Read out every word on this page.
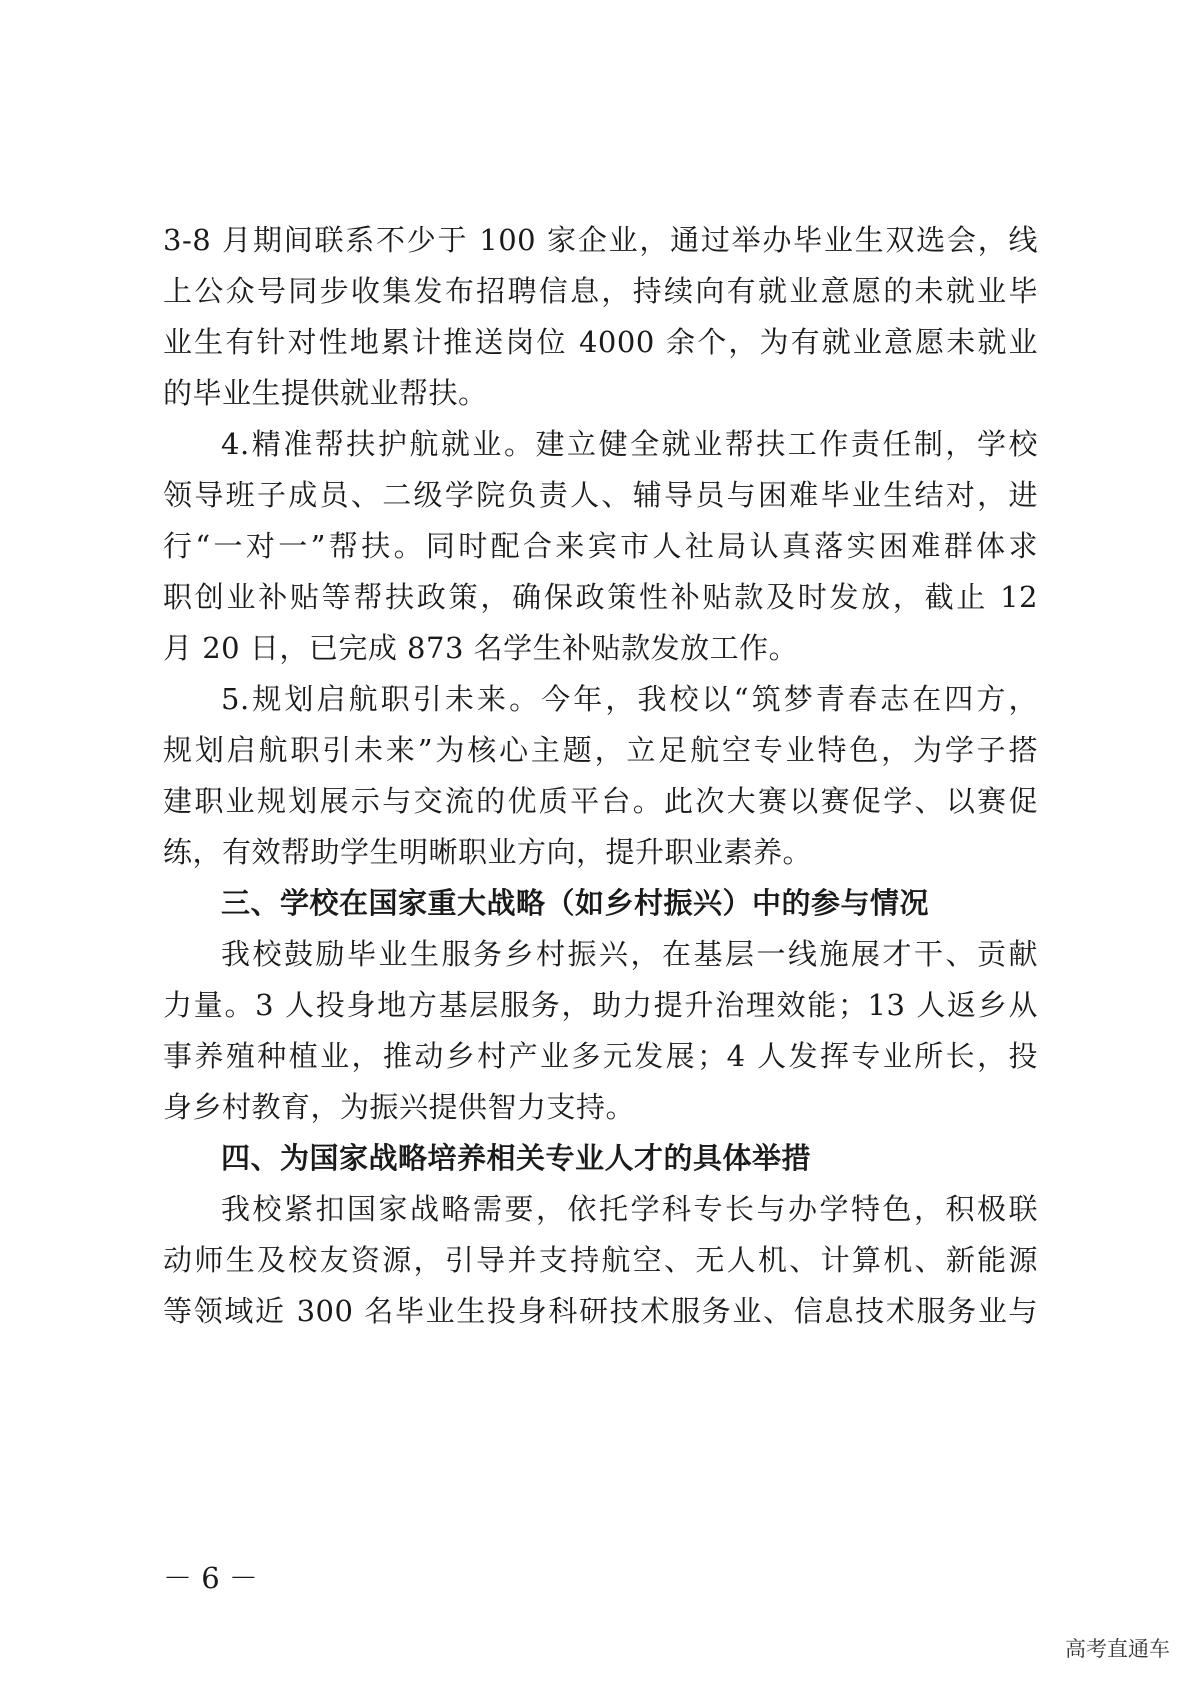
3-8 月期间联系不少于 100 家企业，通过举办毕业生双选会，线
上公众号同步收集发布招聘信息，持续向有就业意愿的未就业毕
业生有针对性地累计推送岗位 4000 余个，为有就业意愿未就业
的毕业生提供就业帮扶。
4.精准帮扶护航就业。建立健全就业帮扶工作责任制，学校
领导班子成员、二级学院负责人、辅导员与困难毕业生结对，进
行“一对一”帮扶。同时配合来宾市人社局认真落实困难群体求
职创业补贴等帮扶政策，确保政策性补贴款及时发放，截止 12
月 20 日，已完成 873 名学生补贴款发放工作。
5.规划启航职引未来。今年，我校以“筑梦青春志在四方，
规划启航职引未来”为核心主题，立足航空专业特色，为学子搭
建职业规划展示与交流的优质平台。此次大赛以赛促学、以赛促
练，有效帮助学生明晰职业方向，提升职业素养。
三、学校在国家重大战略（如乡村振兴）中的参与情况
我校鼓励毕业生服务乡村振兴，在基层一线施展才干、贡献
力量。3 人投身地方基层服务，助力提升治理效能；13 人返乡从
事养殖种植业，推动乡村产业多元发展；4 人发挥专业所长，投
身乡村教育，为振兴提供智力支持。
四、为国家战略培养相关专业人才的具体举措
我校紧扣国家战略需要，依托学科专长与办学特色，积极联
动师生及校友资源，引导并支持航空、无人机、计算机、新能源
等领域近 300 名毕业生投身科研技术服务业、信息技术服务业与
－ 6 －
高考直通车
